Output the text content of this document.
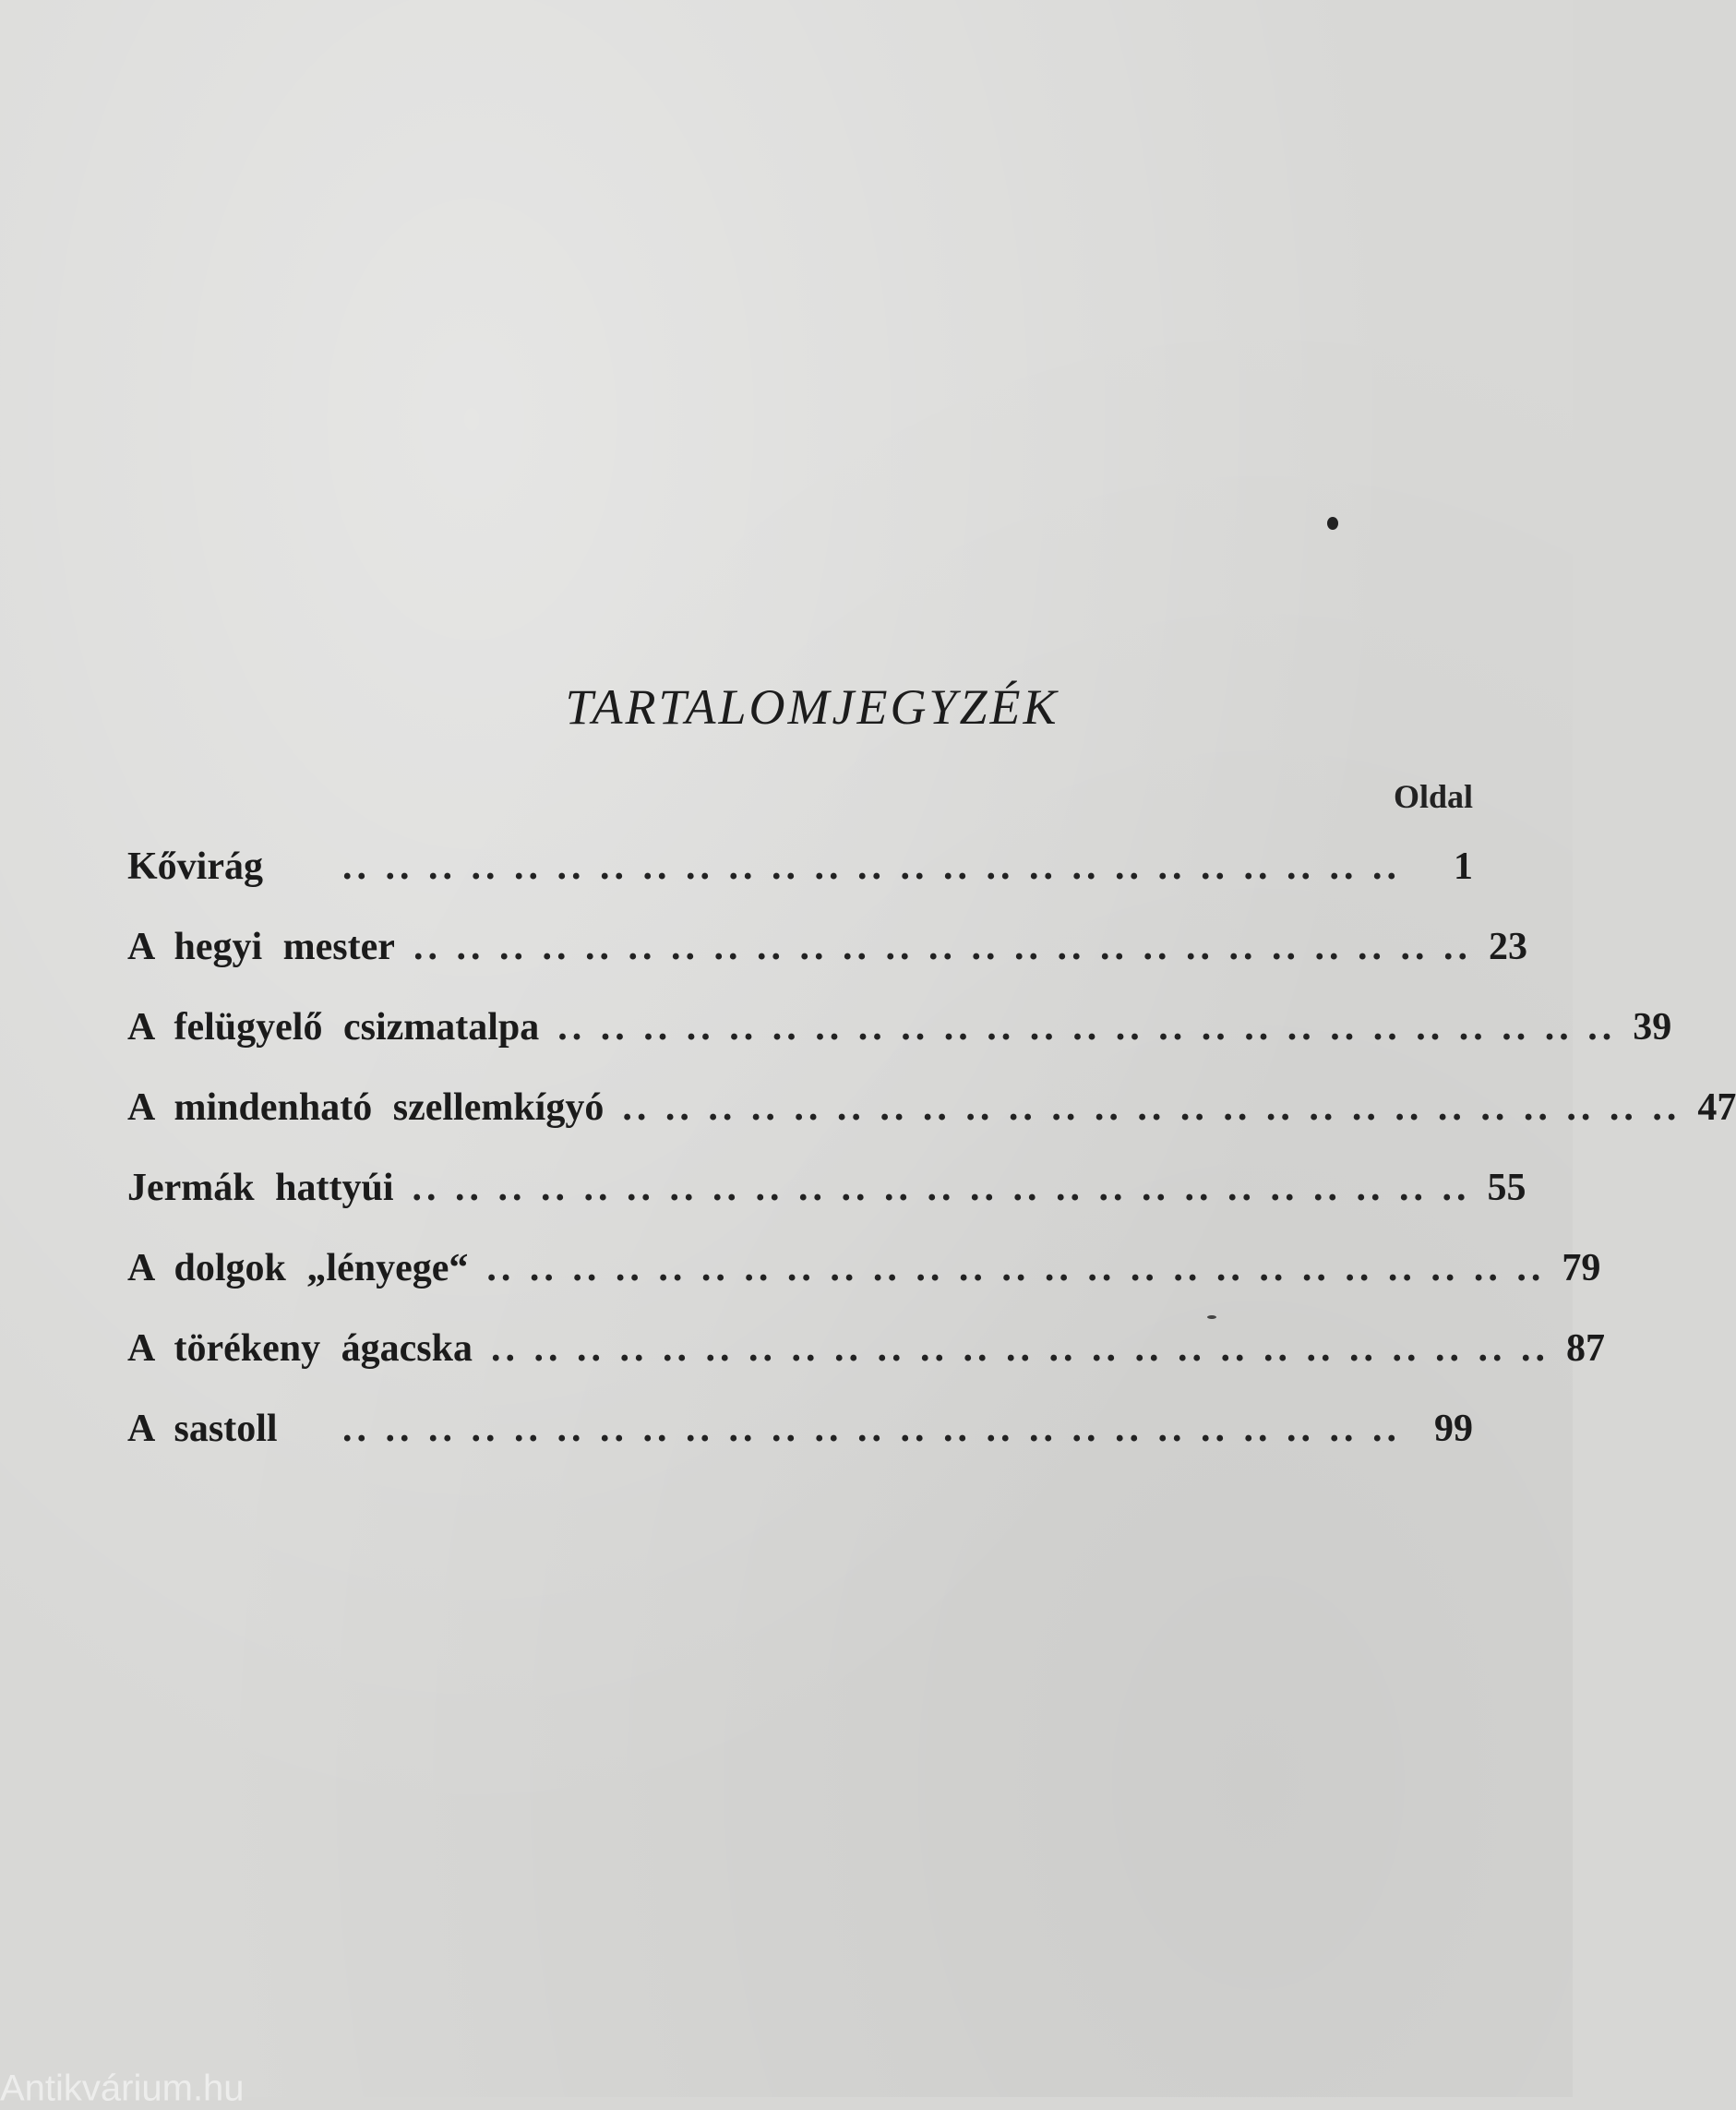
TARTALOMJEGYZÉK
Oldal
Kővirág	.. .. .. .. .. .. .. .. .. .. .. .. .. .. .. .. .. .. .. .. .. .. .. .. ..	1
A hegyi mester .. .. .. .. .. .. .. .. .. .. .. .. .. .. .. .. .. .. .. .. .. .. .. .. .. 23
A felügyelő csizmatalpa .. .. .. .. .. .. .. .. .. .. .. .. .. .. .. .. .. .. .. .. .. .. .. .. .. 39
A mindenható szellemkígyó .. .. .. .. .. .. .. .. .. .. .. .. .. .. .. .. .. .. .. .. .. .. .. .. .. 47
Jermák hattyúi .. .. .. .. .. .. .. .. .. .. .. .. .. .. .. .. .. .. .. .. .. .. .. .. .. 55
A dolgok „lényege“ .. .. .. .. .. .. .. .. .. .. .. .. .. .. .. .. .. .. .. .. .. .. .. .. .. 79
A törékeny ágacska .. .. .. .. .. .. .. .. .. .. .. .. .. .. .. .. .. .. .. .. .. .. .. .. .. 87
A sastoll	.. .. .. .. .. .. .. .. .. .. .. .. .. .. .. .. .. .. .. .. .. .. .. .. .. 99
Antikvárium.hu
